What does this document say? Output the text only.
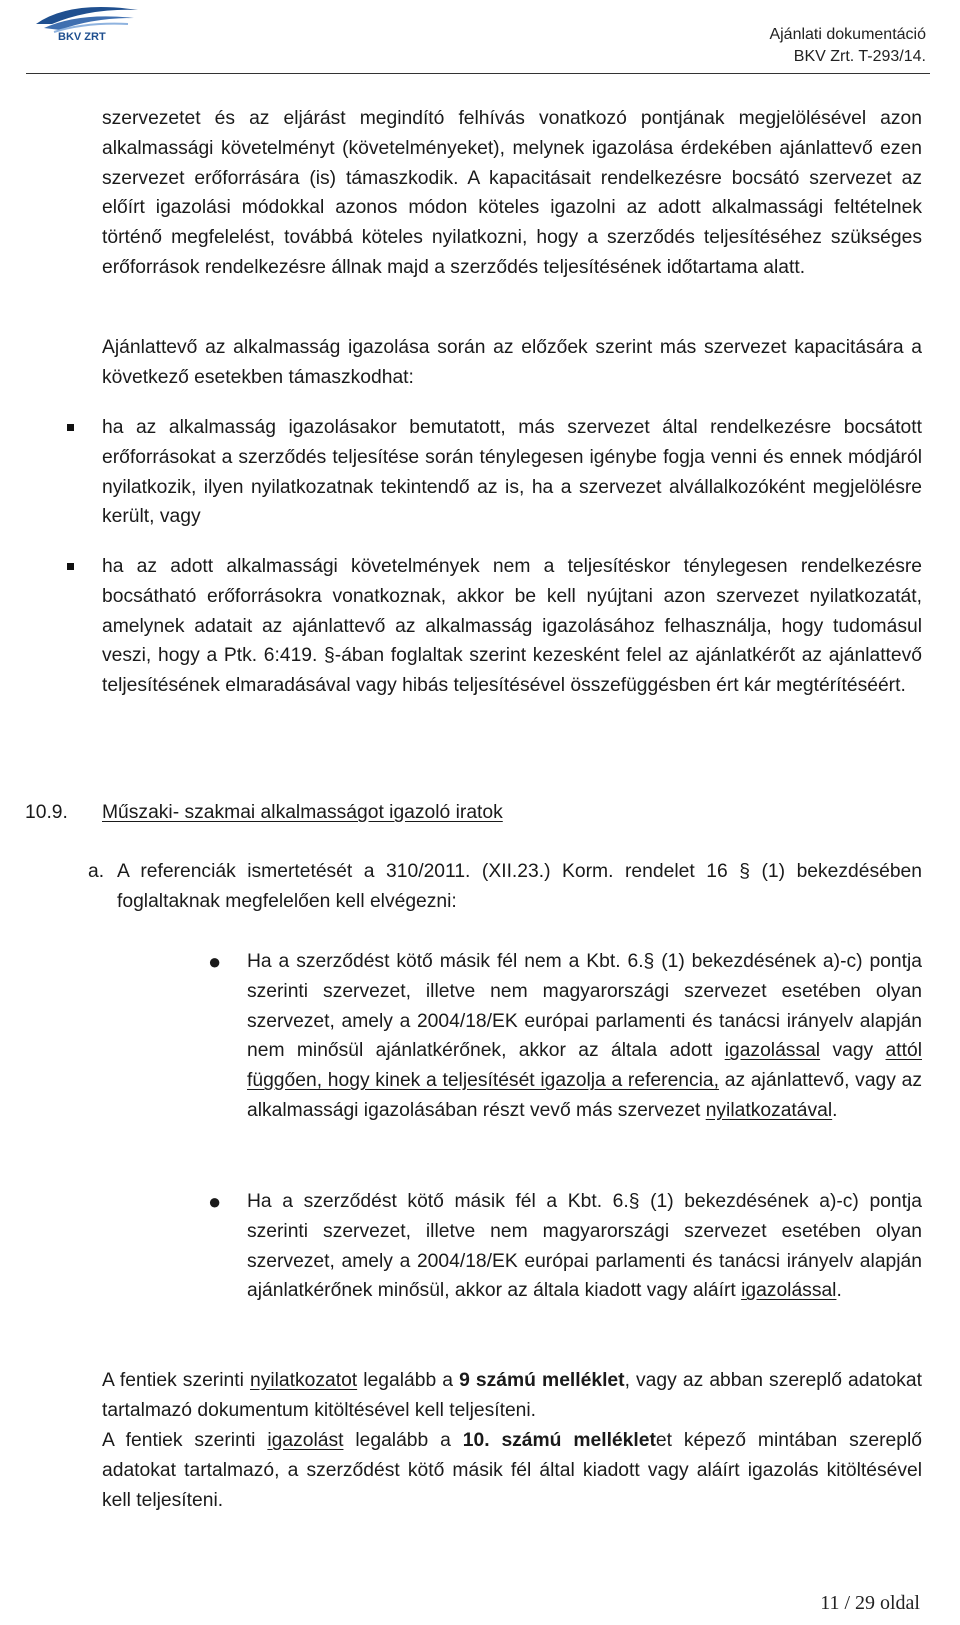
BKV ZRT	Ajánlati dokumentáció
BKV Zrt. T-293/14.
szervezetet és az eljárást megindító felhívás vonatkozó pontjának megjelölésével azon alkalmassági követelményt (követelményeket), melynek igazolása érdekében ajánlattevő ezen szervezet erőforrására (is) támaszkodik. A kapacitásait rendelkezésre bocsátó szervezet az előírt igazolási módokkal azonos módon köteles igazolni az adott alkalmassági feltételnek történő megfelelést, továbbá köteles nyilatkozni, hogy a szerződés teljesítéséhez szükséges erőforrások rendelkezésre állnak majd a szerződés teljesítésének időtartama alatt.
Ajánlattevő az alkalmasság igazolása során az előzőek szerint más szervezet kapacitására a következő esetekben támaszkodhat:
ha az alkalmasság igazolásakor bemutatott, más szervezet által rendelkezésre bocsátott erőforrásokat a szerződés teljesítése során ténylegesen igénybe fogja venni és ennek módjáról nyilatkozik, ilyen nyilatkozatnak tekintendő az is, ha a szervezet alvállalkozóként megjelölésre került, vagy
ha az adott alkalmassági követelmények nem a teljesítéskor ténylegesen rendelkezésre bocsátható erőforrásokra vonatkoznak, akkor be kell nyújtani azon szervezet nyilatkozatát, amelynek adatait az ajánlattevő az alkalmasság igazolásához felhasználja, hogy tudomásul veszi, hogy a Ptk. 6:419. §-ában foglaltak szerint kezesként felel az ajánlatkérőt az ajánlattevő teljesítésének elmaradásával vagy hibás teljesítésével összefüggésben ért kár megtérítéséért.
10.9.	Műszaki- szakmai alkalmasságot igazoló iratok
a. A referenciák ismertetését a 310/2011. (XII.23.) Korm. rendelet 16 § (1) bekezdésében foglaltaknak megfelelően kell elvégezni:
● Ha a szerződést kötő másik fél nem a Kbt. 6.§ (1) bekezdésének a)-c) pontja szerinti szervezet, illetve nem magyarországi szervezet esetében olyan szervezet, amely a 2004/18/EK európai parlamenti és tanácsi irányelv alapján nem minősül ajánlatkérőnek, akkor az általa adott igazolással vagy attól függően, hogy kinek a teljesítését igazolja a referencia, az ajánlattevő, vagy az alkalmassági igazolásában részt vevő más szervezet nyilatkozatával.
● Ha a szerződést kötő másik fél a Kbt. 6.§ (1) bekezdésének a)-c) pontja szerinti szervezet, illetve nem magyarországi szervezet esetében olyan szervezet, amely a 2004/18/EK európai parlamenti és tanácsi irányelv alapján ajánlatkérőnek minősül, akkor az általa kiadott vagy aláírt igazolással.
A fentiek szerinti nyilatkozatot legalább a 9 számú melléklet, vagy az abban szereplő adatokat tartalmazó dokumentum kitöltésével kell teljesíteni.
A fentiek szerinti igazolást legalább a 10. számú mellékletet képező mintában szereplő adatokat tartalmazó, a szerződést kötő másik fél által kiadott vagy aláírt igazolás kitöltésével kell teljesíteni.
11 / 29 oldal
